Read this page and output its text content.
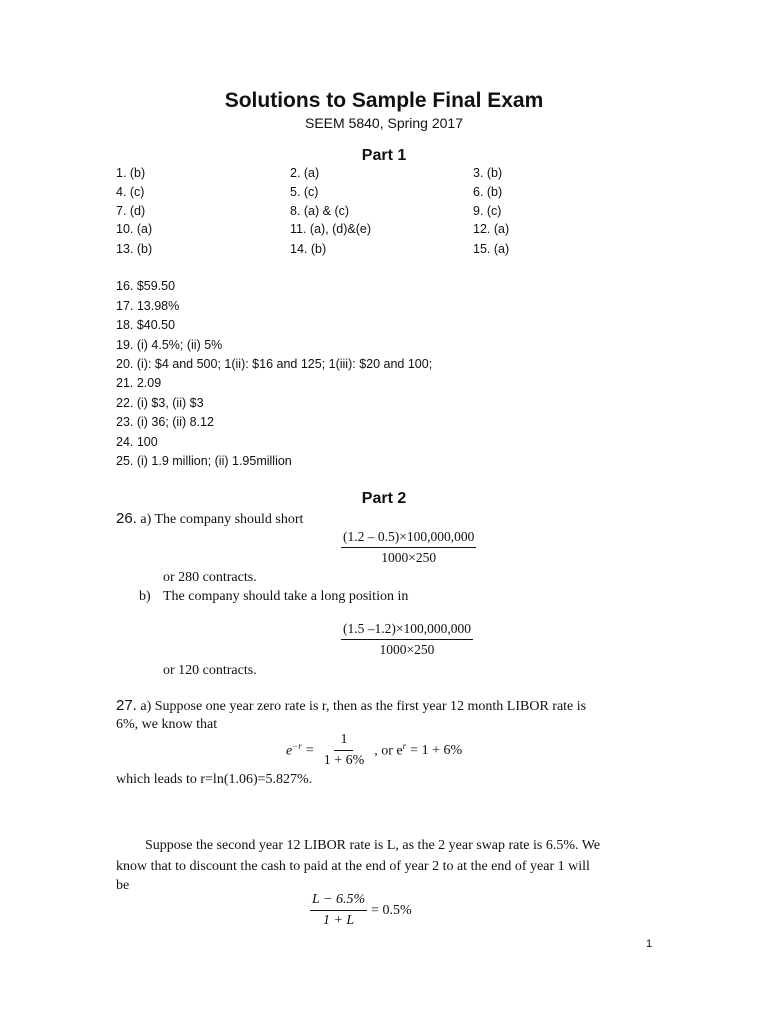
Solutions to Sample Final Exam
SEEM 5840, Spring 2017
Part 1
1. (b)	2. (a)	3. (b)
4. (c)	5. (c)	6. (b)
7. (d)	8. (a) & (c)	9. (c)
10. (a)	11. (a), (d)&(e)	12. (a)
13. (b)	14. (b)	15. (a)
16. $59.50
17. 13.98%
18. $40.50
19. (i) 4.5%; (ii) 5%
20. (i): $4 and 500; 1(ii): $16 and 125; 1(iii): $20 and 100;
21. 2.09
22. (i) $3, (ii) $3
23. (i) 36; (ii) 8.12
24. 100
25. (i) 1.9 million; (ii) 1.95million
Part 2
26. a) The company should short
$\frac{(1.2 - 0.5)\times 100,000,000}{1000\times 250}$
or 280 contracts.
b) The company should take a long position in
$\frac{(1.5 -1.2)\times 100,000,000}{1000\times 250}$
or 120 contracts.
27. a) Suppose one year zero rate is r, then as the first year 12 month LIBOR rate is
6%, we know that
$e^{-r} = \frac{1}{1 + 6\%}$ , or $e^r = 1 + 6\%$
which leads to r=ln(1.06)=5.827%.
Suppose the second year 12 LIBOR rate is L, as the 2 year swap rate is 6.5%. We
know that to discount the cash to paid at the end of year 2 to at the end of year 1 will
be
$\frac{L - 6.5\%}{1 + L} = 0.5\%$
1
